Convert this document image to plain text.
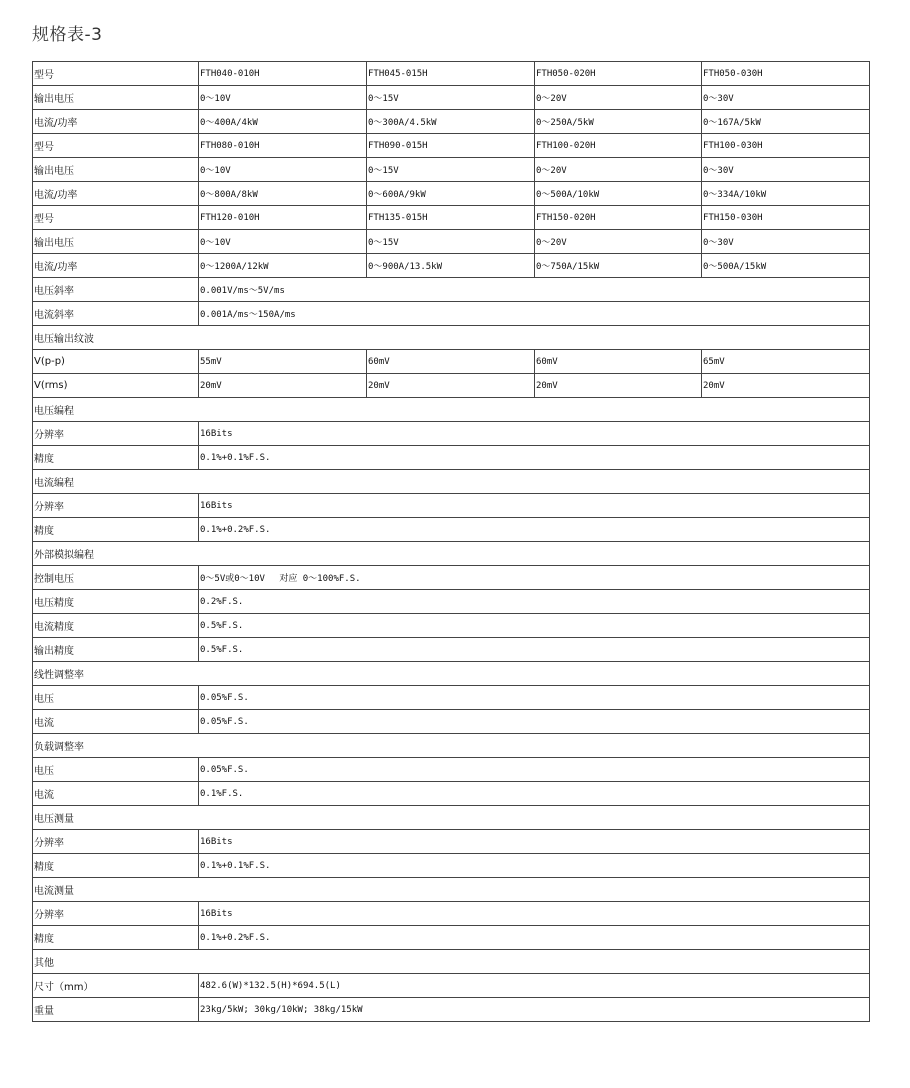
规格表-3
型号	FTH040-010H	FTH045-015H	FTH050-020H	FTH050-030H
输出电压	0～10V	0～15V	0～20V	0～30V
电流/功率	0～400A/4kW	0～300A/4.5kW	0～250A/5kW	0～167A/5kW
型号	FTH080-010H	FTH090-015H	FTH100-020H	FTH100-030H
输出电压	0～10V	0～15V	0～20V	0～30V
电流/功率	0～800A/8kW	0～600A/9kW	0～500A/10kW	0～334A/10kW
型号	FTH120-010H	FTH135-015H	FTH150-020H	FTH150-030H
输出电压	0～10V	0～15V	0～20V	0～30V
电流/功率	0～1200A/12kW	0～900A/13.5kW	0～750A/15kW	0～500A/15kW
电压斜率	0.001V/ms～5V/ms			
电流斜率	0.001A/ms～150A/ms			
电压输出纹波				
V(p-p)	55mV	60mV	60mV	65mV
V(rms)	20mV	20mV	20mV	20mV
电压编程				
分辨率	16Bits			
精度	0.1%+0.1%F.S.			
电流编程				
分辨率	16Bits			
精度	0.1%+0.2%F.S.			
外部模拟编程				
控制电压	0～5V或0～10V　 对应 0～100%F.S.			
电压精度	0.2%F.S.			
电流精度	0.5%F.S.			
输出精度	0.5%F.S.			
线性调整率				
电压	0.05%F.S.			
电流	0.05%F.S.			
负载调整率				
电压	0.05%F.S.			
电流	0.1%F.S.			
电压测量				
分辨率	16Bits			
精度	0.1%+0.1%F.S.			
电流测量				
分辨率	16Bits			
精度	0.1%+0.2%F.S.			
其他				
尺寸（mm）	482.6(W)*132.5(H)*694.5(L)			
重量	23kg/5kW; 30kg/10kW; 38kg/15kW			
